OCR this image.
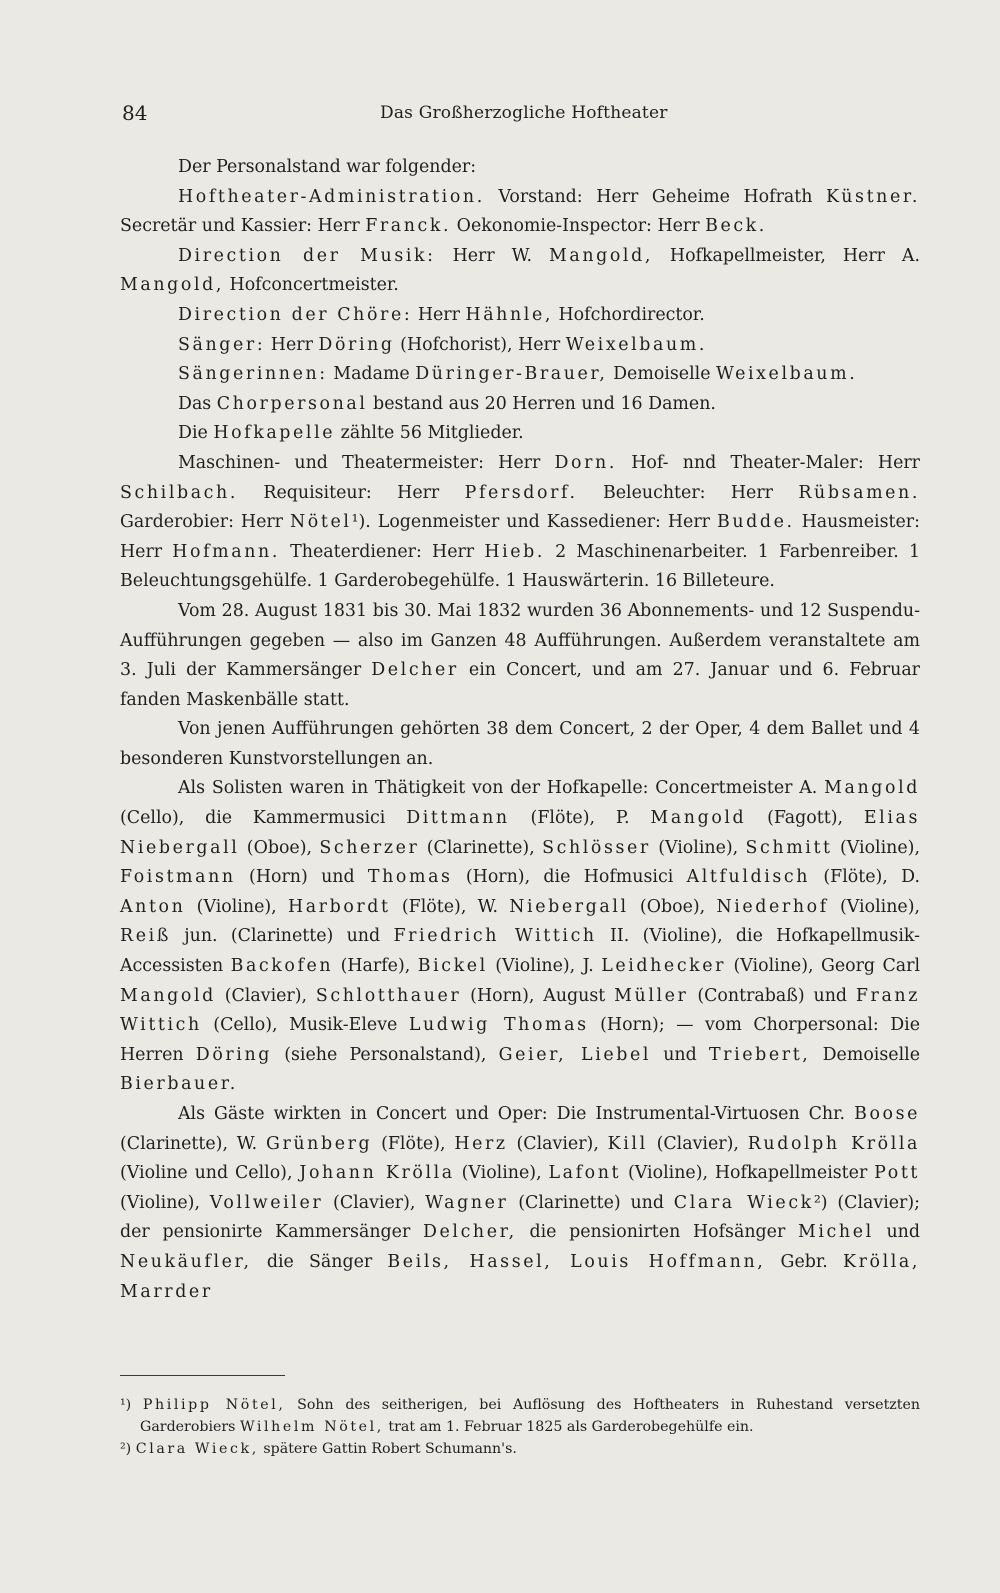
84	Das Großherzogliche Hoftheater

Der Personalstand war folgender:

Hoftheater-Administration. Vorstand: Herr Geheime Hofrath Küstner. Secretär und Kassier: Herr Franck. Oekonomie-Inspector: Herr Beck.

Direction der Musik: Herr W. Mangold, Hofkapellmeister, Herr A. Mangold, Hofconcertmeister.

Direction der Chöre: Herr Hähnle, Hofchordirector.

Sänger: Herr Döring (Hofchorist), Herr Weixelbaum.

Sängerinnen: Madame Düringer-Brauer, Demoiselle Weixelbaum.

Das Chorpersonal bestand aus 20 Herren und 16 Damen.

Die Hofkapelle zählte 56 Mitglieder.

Maschinen- und Theatermeister: Herr Dorn. Hof- nnd Theater-Maler: Herr Schilbach. Requisiteur: Herr Pfersdorf. Beleuchter: Herr Rübsamen. Garderobier: Herr Nötel¹). Logenmeister und Kassediener: Herr Budde. Hausmeister: Herr Hofmann. Theaterdiener: Herr Hieb. 2 Maschinenarbeiter. 1 Farbenreiber. 1 Beleuchtungsgehülfe. 1 Garderobegehülfe. 1 Hauswärterin. 16 Billeteure.

Vom 28. August 1831 bis 30. Mai 1832 wurden 36 Abonnements- und 12 Suspendu-Aufführungen gegeben — also im Ganzen 48 Aufführungen. Außerdem veranstaltete am 3. Juli der Kammersänger Delcher ein Concert, und am 27. Januar und 6. Februar fanden Maskenbälle statt.

Von jenen Aufführungen gehörten 38 dem Concert, 2 der Oper, 4 dem Ballet und 4 besonderen Kunstvorstellungen an.

Als Solisten waren in Thätigkeit von der Hofkapelle: Concertmeister A. Mangold (Cello), die Kammermusici Dittmann (Flöte), P. Mangold (Fagott), Elias Niebergall (Oboe), Scherzer (Clarinette), Schlösser (Violine), Schmitt (Violine), Foistmann (Horn) und Thomas (Horn), die Hofmusici Altfuldisch (Flöte), D. Anton (Violine), Harbordt (Flöte), W. Niebergall (Oboe), Niederhof (Violine), Reiß jun. (Clarinette) und Friedrich Wittich II. (Violine), die Hofkapellmusik-Accessisten Backofen (Harfe), Bickel (Violine), J. Leidhecker (Violine), Georg Carl Mangold (Clavier), Schlotthauer (Horn), August Müller (Contrabaß) und Franz Wittich (Cello), Musik-Eleve Ludwig Thomas (Horn); — vom Chorpersonal: Die Herren Döring (siehe Personalstand), Geier, Liebel und Triebert, Demoiselle Bierbauer.

Als Gäste wirkten in Concert und Oper: Die Instrumental-Virtuosen Chr. Boose (Clarinette), W. Grünberg (Flöte), Herz (Clavier), Kill (Clavier), Rudolph Krölla (Violine und Cello), Johann Krölla (Violine), Lafont (Violine), Hofkapellmeister Pott (Violine), Vollweiler (Clavier), Wagner (Clarinette) und Clara Wieck²) (Clavier); der pensionirte Kammersänger Delcher, die pensionirten Hofsänger Michel und Neukäufler, die Sänger Beils, Hassel, Louis Hoffmann, Gebr. Krölla, Marrder

¹) Philipp Nötel, Sohn des seitherigen, bei Auflösung des Hoftheaters in Ruhestand versetzten Garderobiers Wilhelm Nötel, trat am 1. Februar 1825 als Garderobegehülfe ein.

²) Clara Wieck, spätere Gattin Robert Schumann's.
